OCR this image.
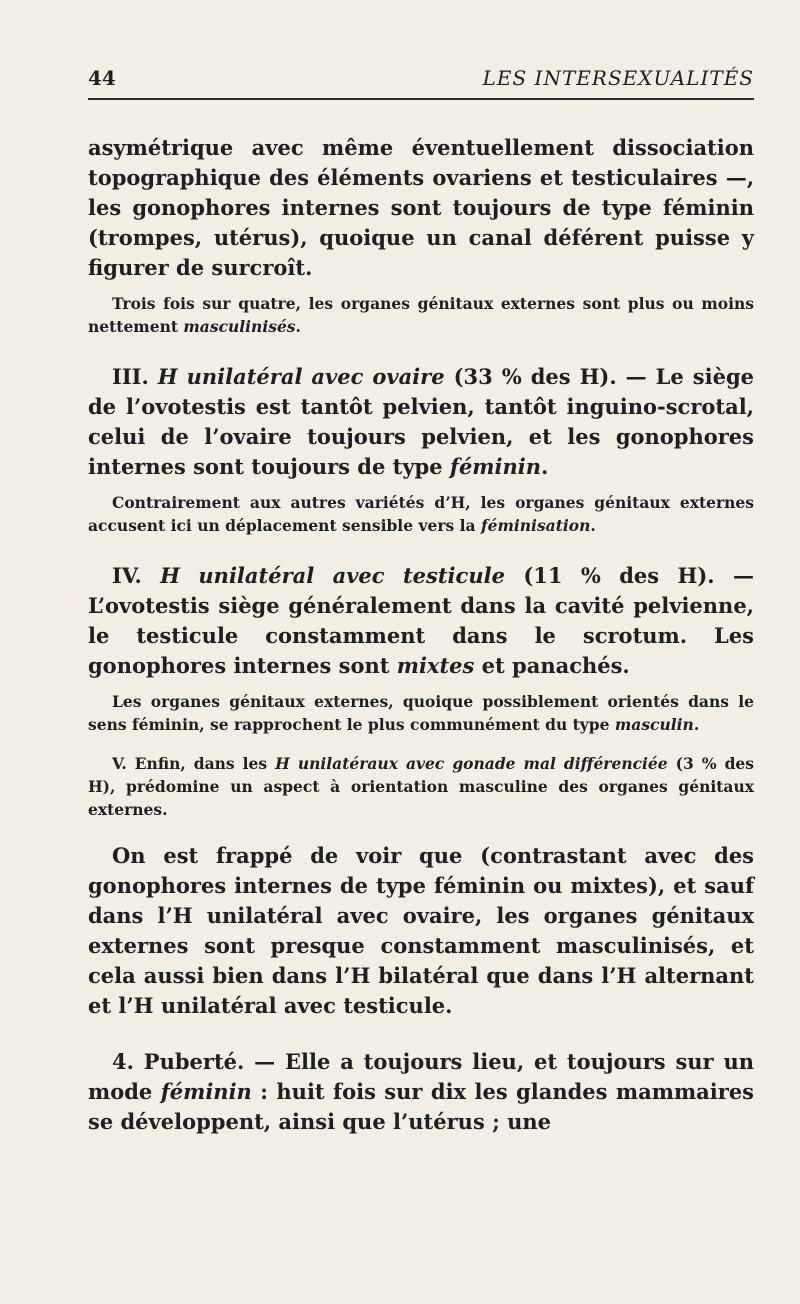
44	LES INTERSEXUALITÉS

asymétrique avec même éventuellement dissociation topographique des éléments ovariens et testiculaires —, les gonophores internes sont toujours de type féminin (trompes, utérus), quoique un canal déférent puisse y figurer de surcroît.

Trois fois sur quatre, les organes génitaux externes sont plus ou moins nettement masculinisés.

III. H unilatéral avec ovaire (33 % des H). — Le siège de l’ovotestis est tantôt pelvien, tantôt inguino-scrotal, celui de l’ovaire toujours pelvien, et les gonophores internes sont toujours de type féminin.

Contrairement aux autres variétés d’H, les organes génitaux externes accusent ici un déplacement sensible vers la féminisation.

IV. H unilatéral avec testicule (11 % des H). — L’ovotestis siège généralement dans la cavité pelvienne, le testicule constamment dans le scrotum. Les gonophores internes sont mixtes et panachés.

Les organes génitaux externes, quoique possiblement orientés dans le sens féminin, se rapprochent le plus communément du type masculin.

V. Enfin, dans les H unilatéraux avec gonade mal différenciée (3 % des H), prédomine un aspect à orientation masculine des organes génitaux externes.

On est frappé de voir que (contrastant avec des gonophores internes de type féminin ou mixtes), et sauf dans l’H unilatéral avec ovaire, les organes génitaux externes sont presque constamment masculinisés, et cela aussi bien dans l’H bilatéral que dans l’H alternant et l’H unilatéral avec testicule.

4. Puberté. — Elle a toujours lieu, et toujours sur un mode féminin : huit fois sur dix les glandes mammaires se développent, ainsi que l’utérus ; une
